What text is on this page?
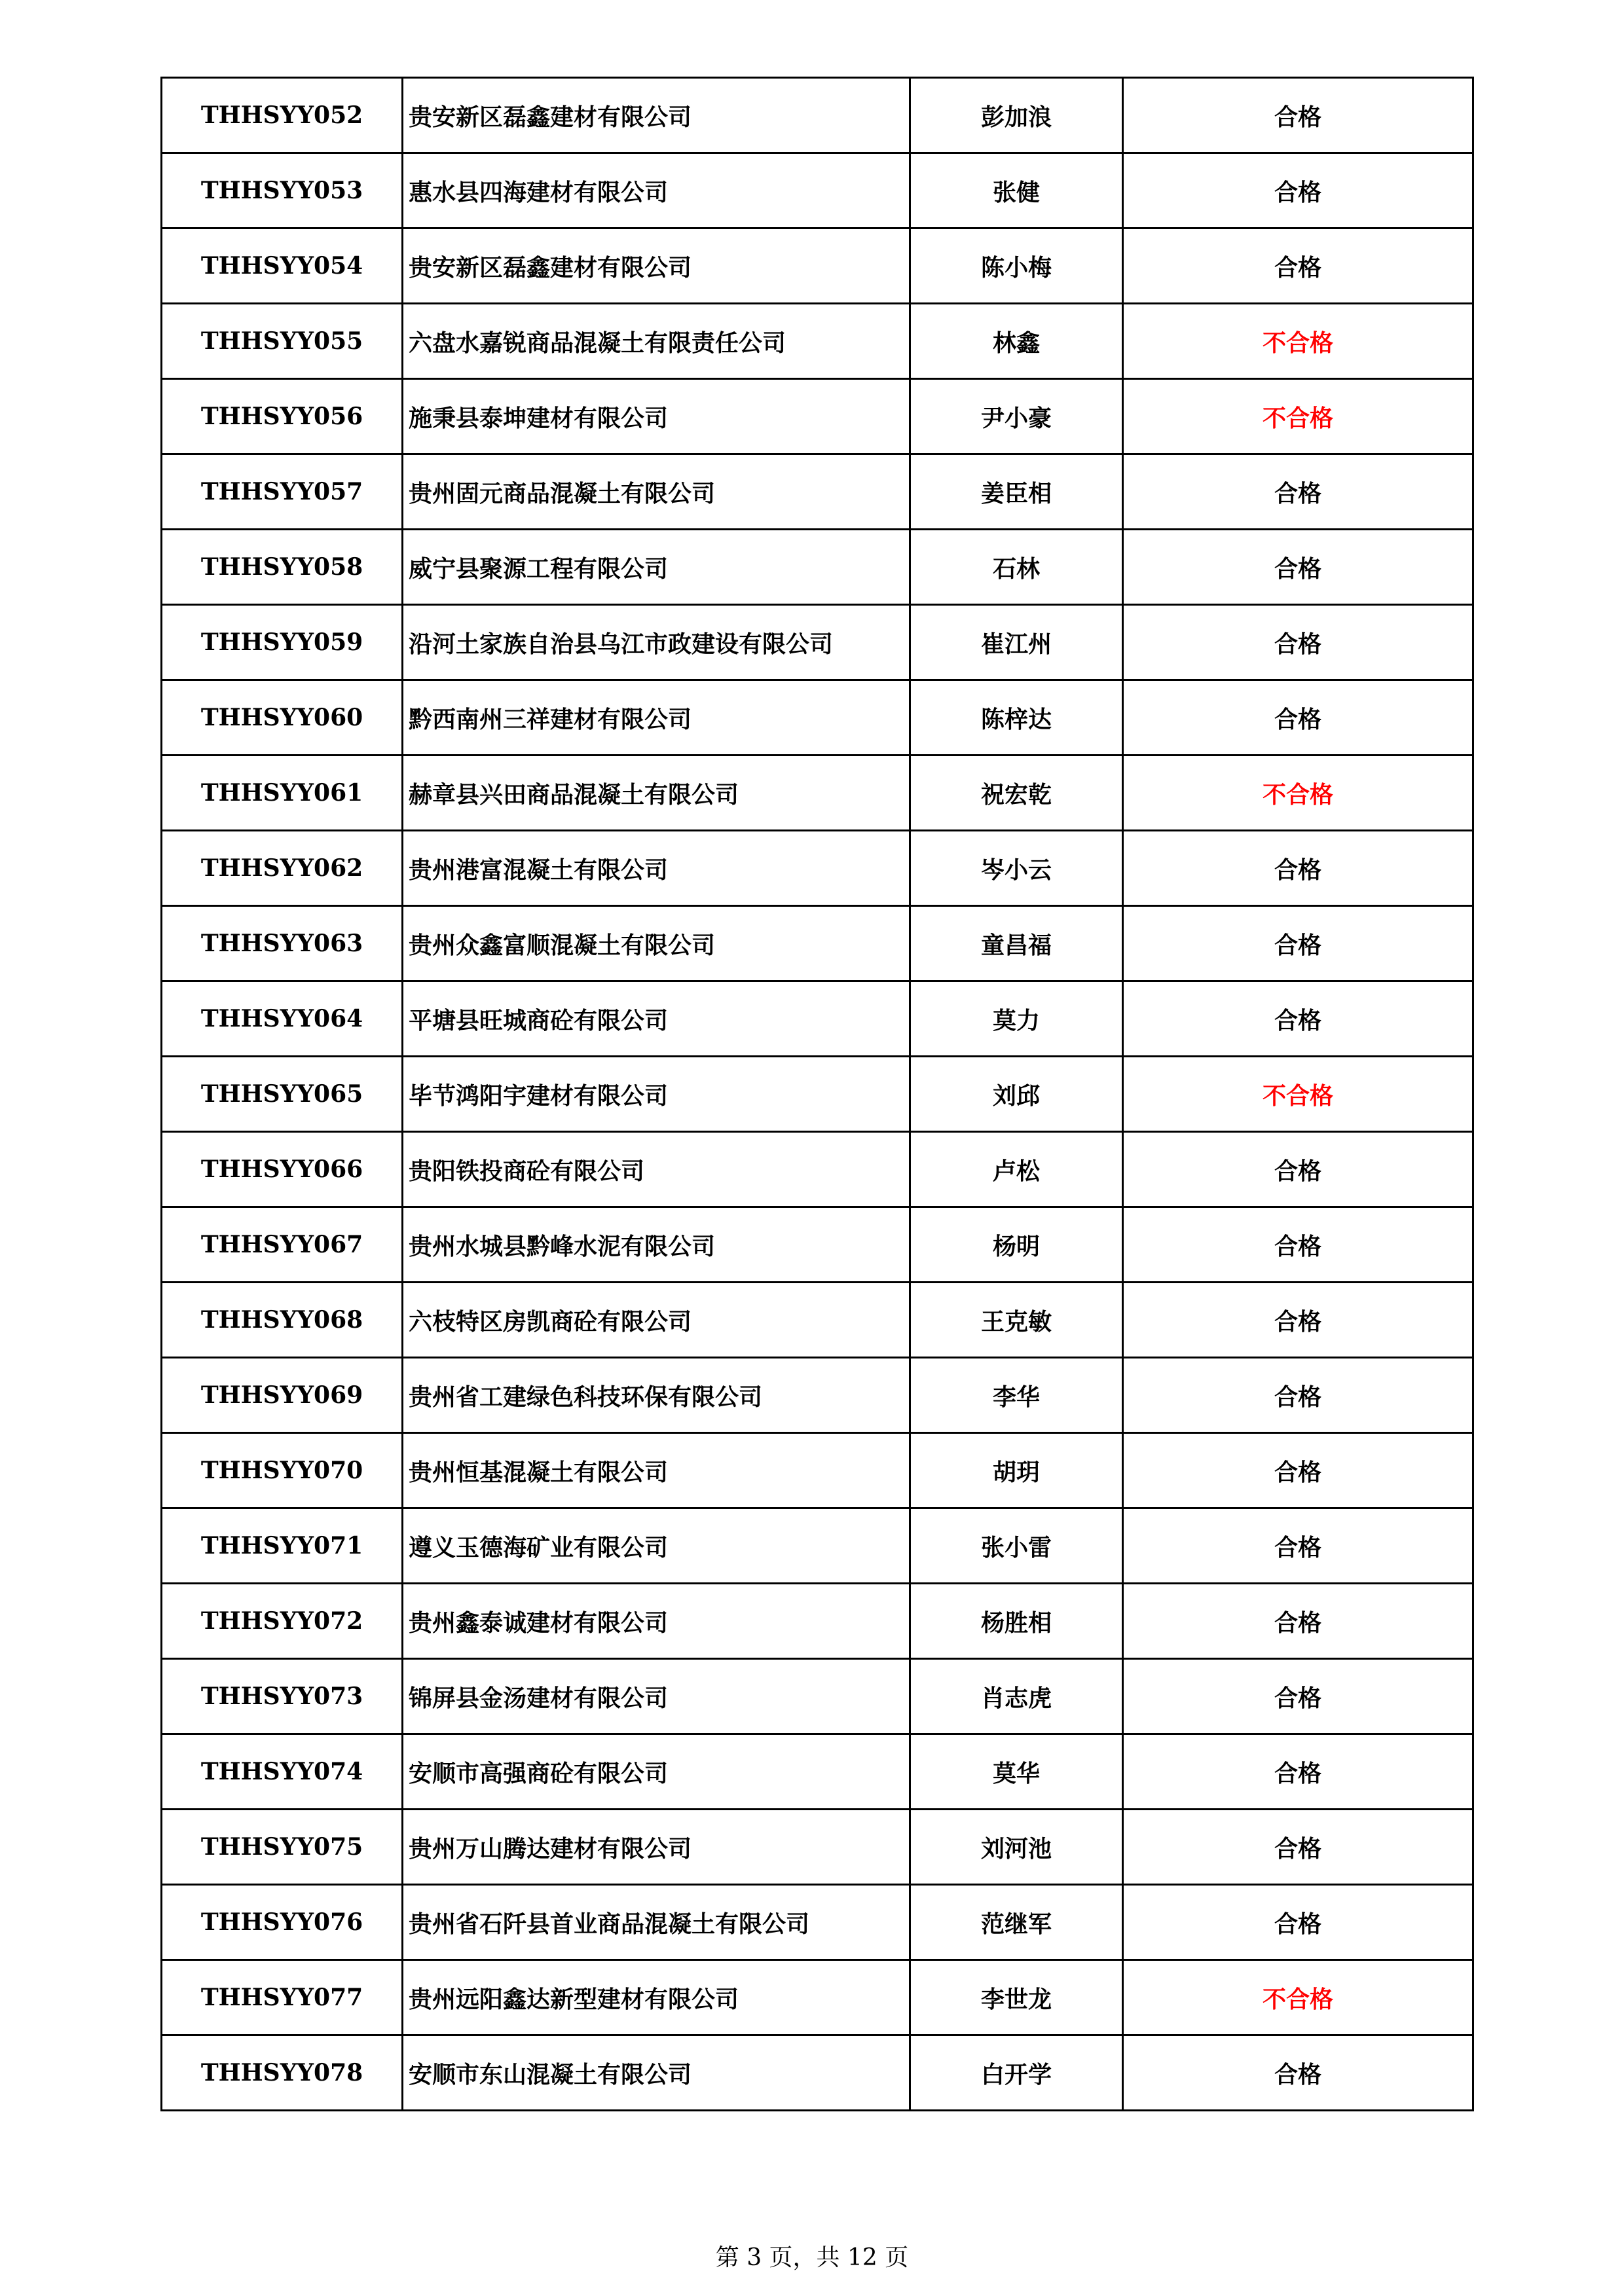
THHSYY052	贵安新区磊鑫建材有限公司	彭加浪	合格
THHSYY053	惠水县四海建材有限公司	张健	合格
THHSYY054	贵安新区磊鑫建材有限公司	陈小梅	合格
THHSYY055	六盘水嘉锐商品混凝土有限责任公司	林鑫	不合格
THHSYY056	施秉县泰坤建材有限公司	尹小豪	不合格
THHSYY057	贵州固元商品混凝土有限公司	姜臣相	合格
THHSYY058	威宁县聚源工程有限公司	石林	合格
THHSYY059	沿河土家族自治县乌江市政建设有限公司	崔江州	合格
THHSYY060	黔西南州三祥建材有限公司	陈梓达	合格
THHSYY061	赫章县兴田商品混凝土有限公司	祝宏乾	不合格
THHSYY062	贵州港富混凝土有限公司	岑小云	合格
THHSYY063	贵州众鑫富顺混凝土有限公司	童昌福	合格
THHSYY064	平塘县旺城商砼有限公司	莫力	合格
THHSYY065	毕节鸿阳宇建材有限公司	刘邱	不合格
THHSYY066	贵阳铁投商砼有限公司	卢松	合格
THHSYY067	贵州水城县黔峰水泥有限公司	杨明	合格
THHSYY068	六枝特区房凯商砼有限公司	王克敏	合格
THHSYY069	贵州省工建绿色科技环保有限公司	李华	合格
THHSYY070	贵州恒基混凝土有限公司	胡玥	合格
THHSYY071	遵义玉德海矿业有限公司	张小雷	合格
THHSYY072	贵州鑫泰诚建材有限公司	杨胜相	合格
THHSYY073	锦屏县金汤建材有限公司	肖志虎	合格
THHSYY074	安顺市高强商砼有限公司	莫华	合格
THHSYY075	贵州万山腾达建材有限公司	刘河池	合格
THHSYY076	贵州省石阡县首业商品混凝土有限公司	范继军	合格
THHSYY077	贵州远阳鑫达新型建材有限公司	李世龙	不合格
THHSYY078	安顺市东山混凝土有限公司	白开学	合格
第 3 页，共 12 页
